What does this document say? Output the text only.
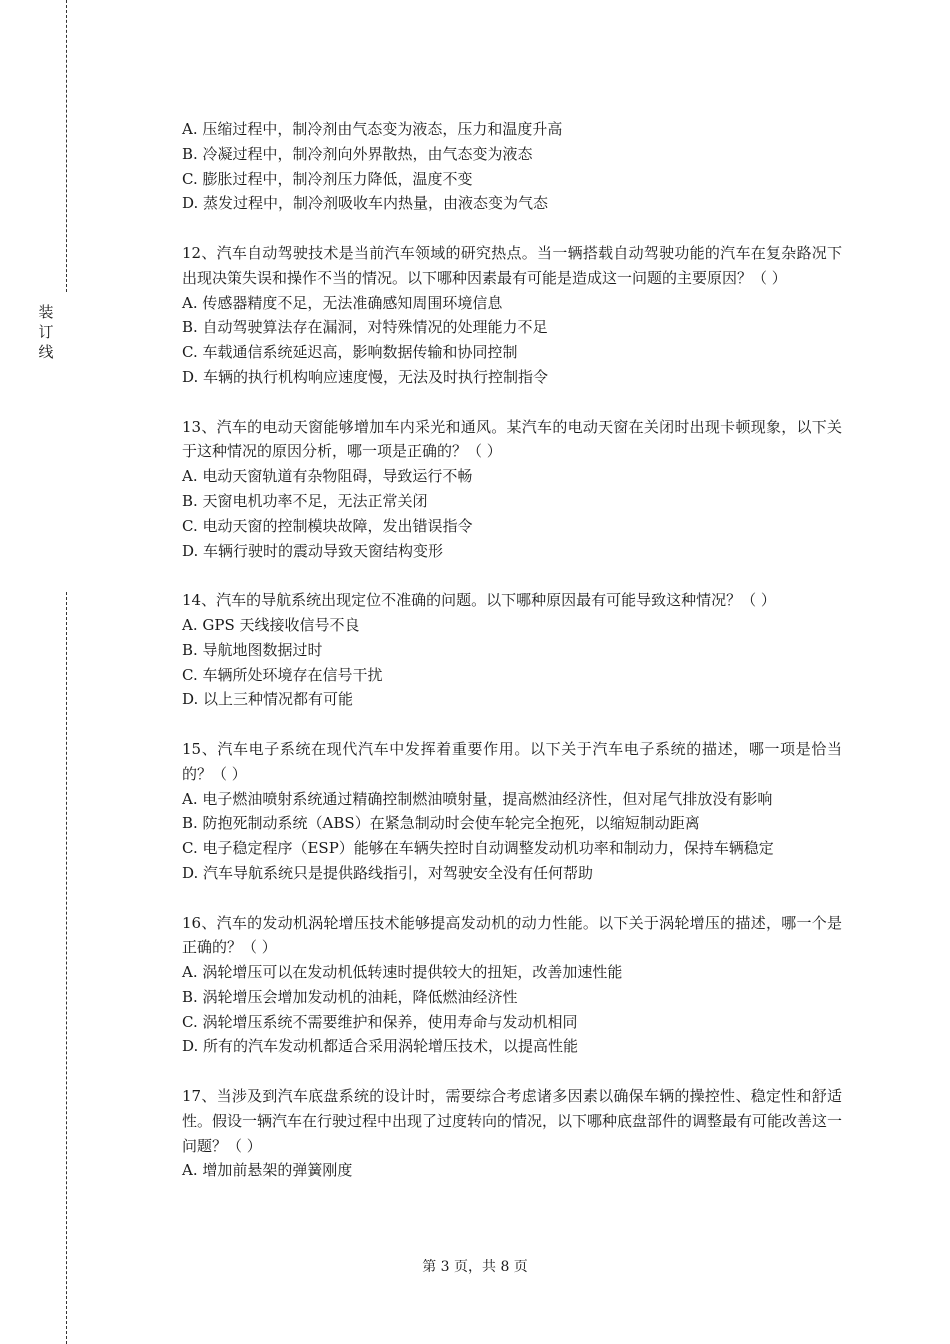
装
订
线

A. 压缩过程中，制冷剂由气态变为液态，压力和温度升高

B. 冷凝过程中，制冷剂向外界散热，由气态变为液态

C. 膨胀过程中，制冷剂压力降低，温度不变

D. 蒸发过程中，制冷剂吸收车内热量，由液态变为气态

12、汽车自动驾驶技术是当前汽车领域的研究热点。当一辆搭载自动驾驶功能的汽车在复杂路况下出现决策失误和操作不当的情况。以下哪种因素最有可能是造成这一问题的主要原因？（ ）

A. 传感器精度不足，无法准确感知周围环境信息

B. 自动驾驶算法存在漏洞，对特殊情况的处理能力不足

C. 车载通信系统延迟高，影响数据传输和协同控制

D. 车辆的执行机构响应速度慢，无法及时执行控制指令

13、汽车的电动天窗能够增加车内采光和通风。某汽车的电动天窗在关闭时出现卡顿现象，以下关于这种情况的原因分析，哪一项是正确的？（ ）

A. 电动天窗轨道有杂物阻碍，导致运行不畅

B. 天窗电机功率不足，无法正常关闭

C. 电动天窗的控制模块故障，发出错误指令

D. 车辆行驶时的震动导致天窗结构变形

14、汽车的导航系统出现定位不准确的问题。以下哪种原因最有可能导致这种情况？（ ）

A. GPS 天线接收信号不良

B. 导航地图数据过时

C. 车辆所处环境存在信号干扰

D. 以上三种情况都有可能

15、汽车电子系统在现代汽车中发挥着重要作用。以下关于汽车电子系统的描述，哪一项是恰当的？（ ）

A. 电子燃油喷射系统通过精确控制燃油喷射量，提高燃油经济性，但对尾气排放没有影响

B. 防抱死制动系统（ABS）在紧急制动时会使车轮完全抱死，以缩短制动距离

C. 电子稳定程序（ESP）能够在车辆失控时自动调整发动机功率和制动力，保持车辆稳定

D. 汽车导航系统只是提供路线指引，对驾驶安全没有任何帮助

16、汽车的发动机涡轮增压技术能够提高发动机的动力性能。以下关于涡轮增压的描述，哪一个是正确的？（ ）

A. 涡轮增压可以在发动机低转速时提供较大的扭矩，改善加速性能

B. 涡轮增压会增加发动机的油耗，降低燃油经济性

C. 涡轮增压系统不需要维护和保养，使用寿命与发动机相同

D. 所有的汽车发动机都适合采用涡轮增压技术，以提高性能

17、当涉及到汽车底盘系统的设计时，需要综合考虑诸多因素以确保车辆的操控性、稳定性和舒适性。假设一辆汽车在行驶过程中出现了过度转向的情况，以下哪种底盘部件的调整最有可能改善这一问题？（ ）

A. 增加前悬架的弹簧刚度

第 3 页，共 8 页
